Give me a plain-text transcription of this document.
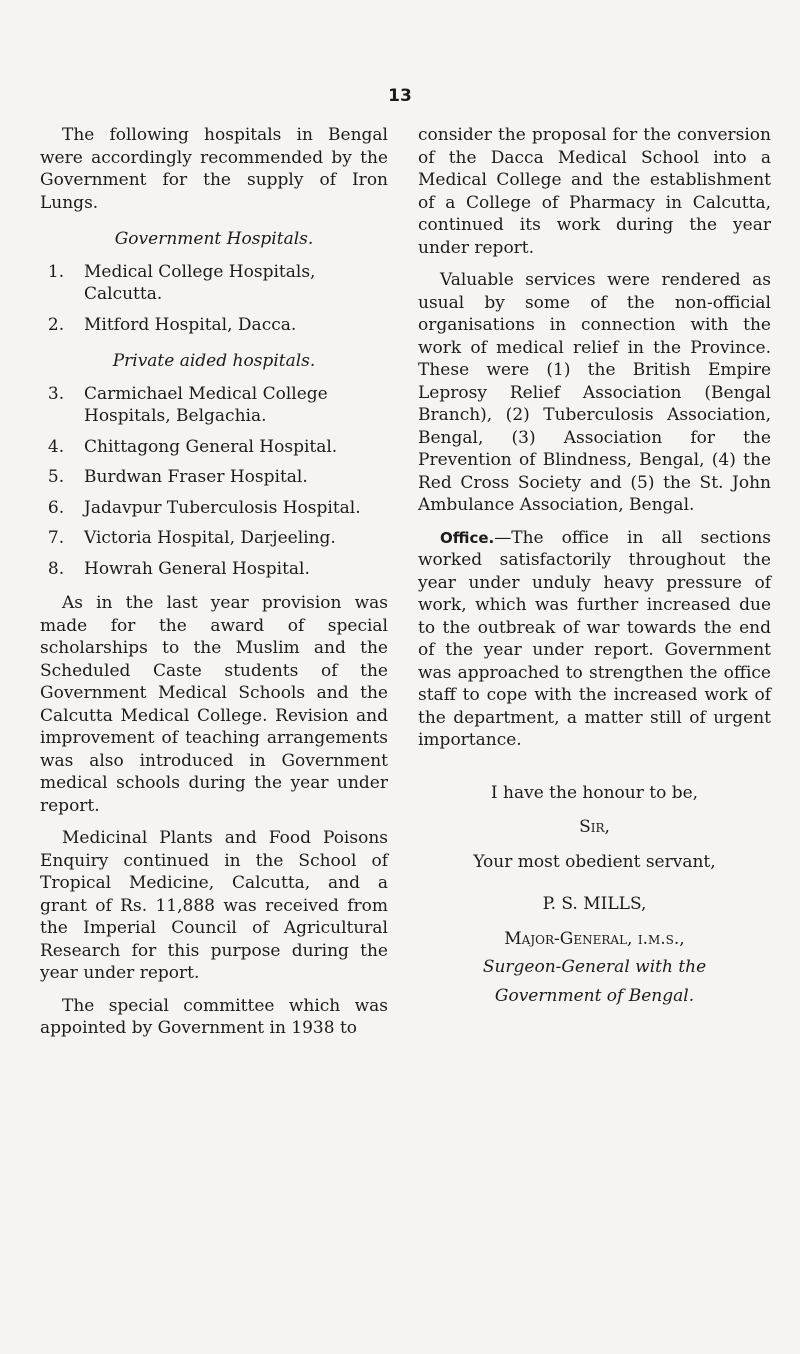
13

The following hospitals in Bengal were accordingly recommended by the Government for the supply of Iron Lungs.

Government Hospitals.
1.	Medical College Hospitals, Calcutta.
2.	Mitford Hospital, Dacca.
Private aided hospitals.
3.	Carmichael Medical College Hospitals, Belgachia.
4.	Chittagong General Hospital.
5.	Burdwan Fraser Hospital.
6.	Jadavpur Tuberculosis Hospital.
7.	Victoria Hospital, Darjeeling.
8.	Howrah General Hospital.

As in the last year provision was made for the award of special scholarships to the Muslim and the Scheduled Caste students of the Government Medical Schools and the Calcutta Medical College. Revision and improvement of teaching arrangements was also introduced in Government medical schools during the year under report.

Medicinal Plants and Food Poisons Enquiry continued in the School of Tropical Medicine, Calcutta, and a grant of Rs. 11,888 was received from the Imperial Council of Agricultural Research for this purpose during the year under report.

The special committee which was appointed by Government in 1938 to

consider the proposal for the conversion of the Dacca Medical School into a Medical College and the establishment of a College of Pharmacy in Calcutta, continued its work during the year under report.

Valuable services were rendered as usual by some of the non-official organisations in connection with the work of medical relief in the Province. These were (1) the British Empire Leprosy Relief Association (Bengal Branch), (2) Tuberculosis Association, Bengal, (3) Association for the Prevention of Blindness, Bengal, (4) the Red Cross Society and (5) the St. John Ambulance Association, Bengal.

Office.—The office in all sections worked satisfactorily throughout the year under unduly heavy pressure of work, which was further increased due to the outbreak of war towards the end of the year under report. Government was approached to strengthen the office staff to cope with the increased work of the department, a matter still of urgent importance.

I have the honour to be,
Sir,
Your most obedient servant,
P. S. MILLS,
Major-General, i.m.s.,
Surgeon-General with the
Government of Bengal.
